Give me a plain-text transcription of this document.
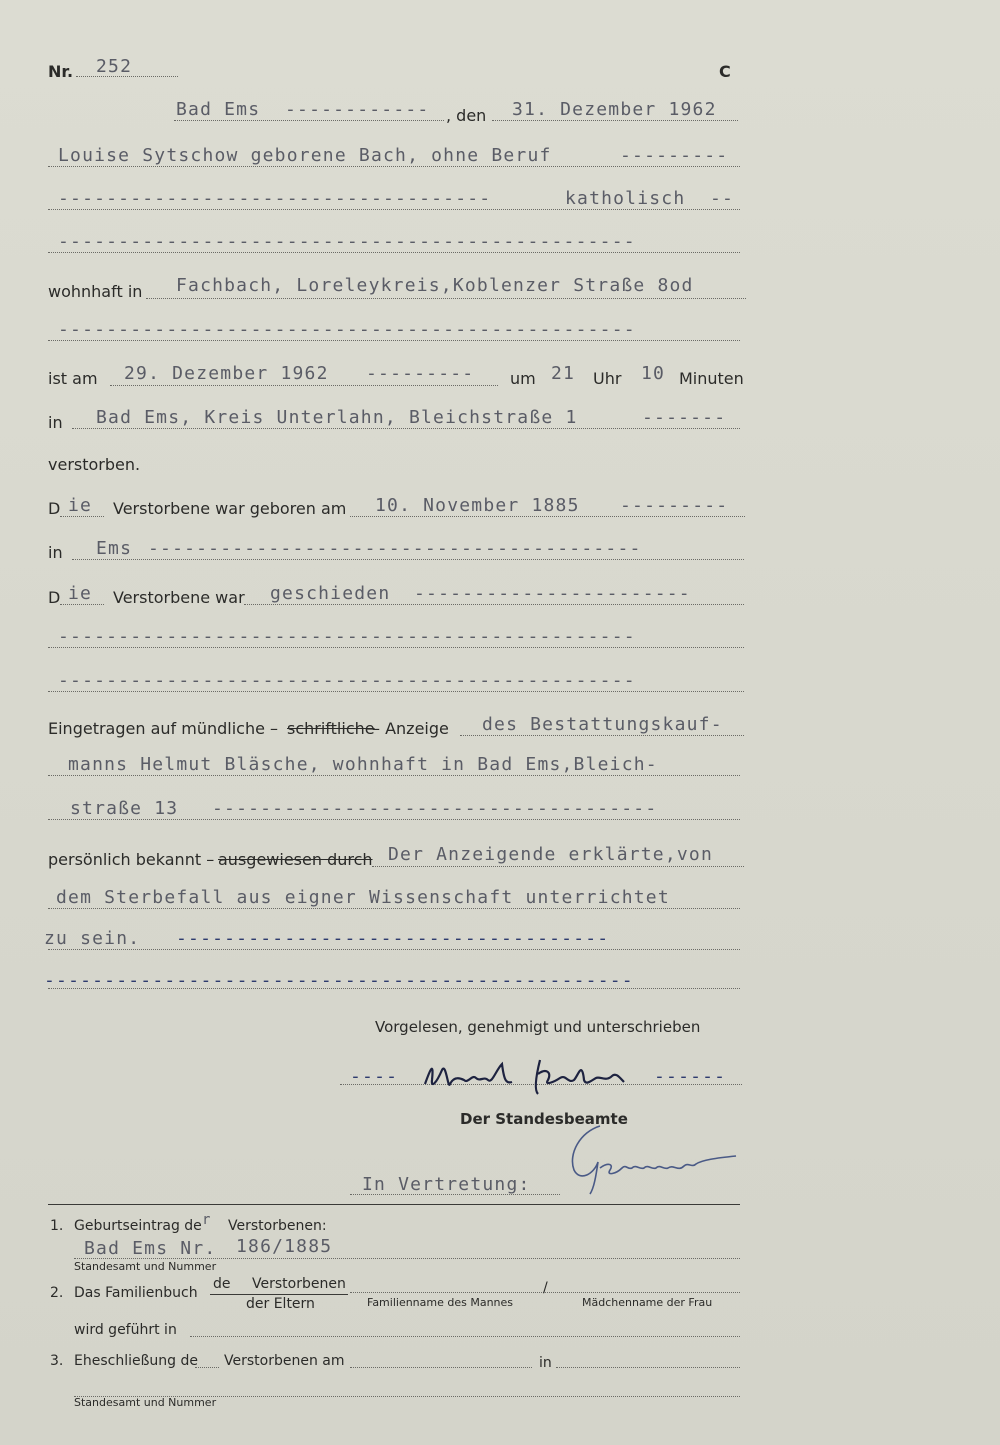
Nr. 252	C
Bad Ems ------------ , den 31. Dezember 1962
Louise Sytschow geborene Bach, ohne Beruf	---------
------------------------------------	katholisch --
------------------------------------------------
wohnhaft in Fachbach, Loreleykreis,Koblenzer Straße 8od
------------------------------------------------
ist am 29. Dezember 1962 --------- um 21 Uhr 10 Minuten
in Bad Ems, Kreis Unterlahn, Bleichstraße 1	-------
verstorben.
D ie Verstorbene war geboren am 10. November 1885 ---------
in Ems -----------------------------------------
D ie Verstorbene war geschieden -----------------------
------------------------------------------------
------------------------------------------------
Eingetragen auf mündliche – schriftliche
– Anzeige des Bestattungskauf-
manns Helmut Bläsche, wohnhaft in Bad Ems,Bleich-
straße 13 -------------------------------------
persönlich bekannt – ausgewiesen durch Der Anzeigende erklärte,von
dem Sterbefall aus eigner Wissenschaft unterrichtet
zu sein. ------------------------------------
-------------------------------------------------
Vorgelesen, genehmigt und unterschrieben
----	------
Der Standesbeamte
In Vertretung:
1. Geburtseintrag de r Verstorbenen:
Bad Ems Nr. 186/1885
Standesamt und Nummer
2. Das Familienbuch
de Verstorbenen
der Eltern
/
Familienname des Mannes	Mädchenname der Frau
wird geführt in
3. Eheschließung de Verstorbenen am	in
Standesamt und Nummer
